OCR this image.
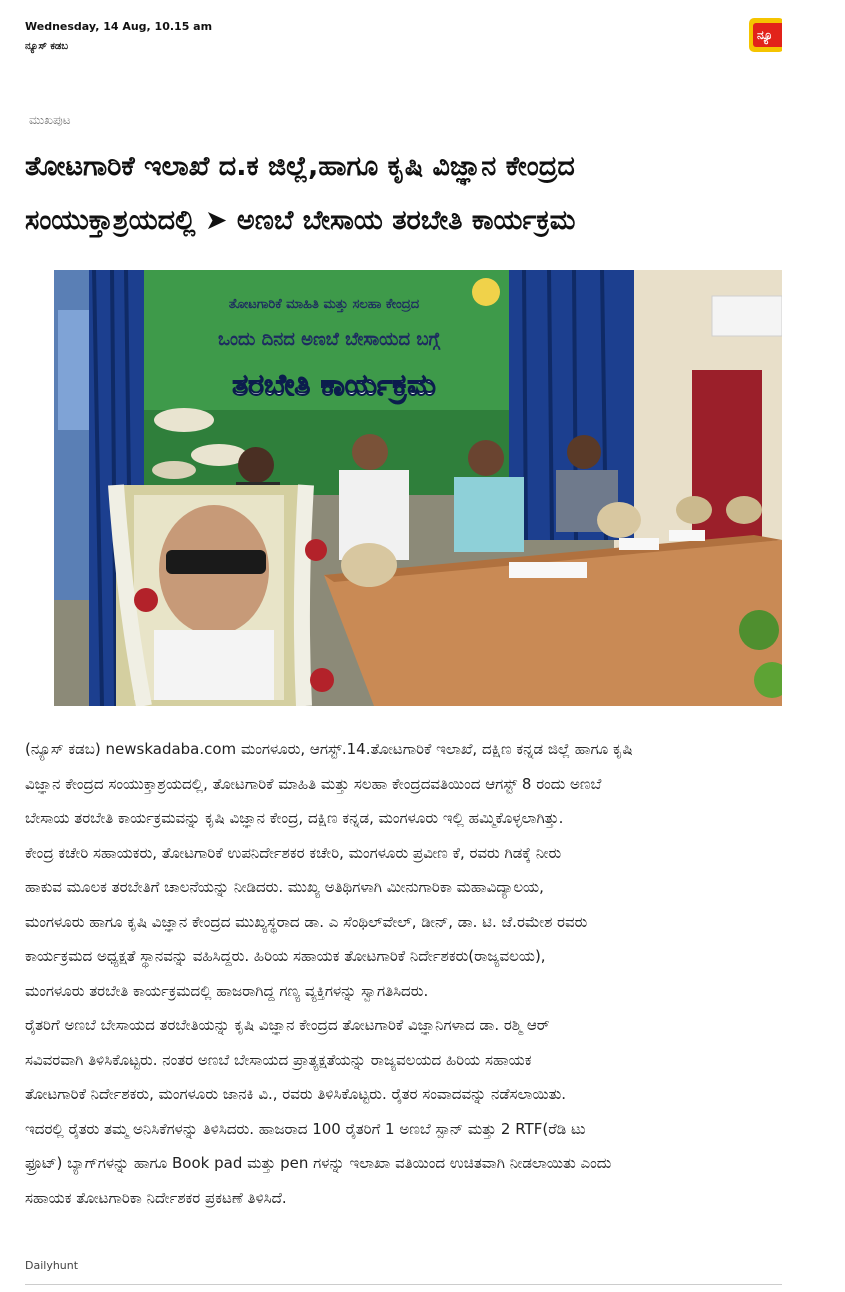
Wednesday, 14 Aug, 10.15 am
ನ್ಯೂಸ್ ಕಡಬ
ನ್ಯೂ
ಮುಖಪುಟ
ತೋಟಗಾರಿಕೆ ಇಲಾಖೆ ದ.ಕ ಜಿಲ್ಲೆ,ಹಾಗೂ ಕೃಷಿ ವಿಜ್ಞಾನ ಕೇಂದ್ರದ
ಸಂಯುಕ್ತಾಶ್ರಯದಲ್ಲಿ ➤ ಅಣಬೆ ಬೇಸಾಯ ತರಬೇತಿ ಕಾರ್ಯಕ್ರಮ
ತೋಟಗಾರಿಕೆ ಮಾಹಿತಿ ಮತ್ತು ಸಲಹಾ ಕೇಂದ್ರದ
ಒಂದು ದಿನದ ಅಣಬೆ ಬೇಸಾಯದ ಬಗ್ಗೆ
ತರಬೇತಿ ಕಾರ್ಯಕ್ರಮ
(ನ್ಯೂಸ್ ಕಡಬ) newskadaba.com ಮಂಗಳೂರು, ಆಗಸ್ಟ್.14.ತೋಟಗಾರಿಕೆ ಇಲಾಖೆ, ದಕ್ಷಿಣ ಕನ್ನಡ ಜಿಲ್ಲೆ ಹಾಗೂ ಕೃಷಿ
ವಿಜ್ಞಾನ ಕೇಂದ್ರದ ಸಂಯುಕ್ತಾಶ್ರಯದಲ್ಲಿ, ತೋಟಗಾರಿಕೆ ಮಾಹಿತಿ ಮತ್ತು ಸಲಹಾ ಕೇಂದ್ರದವತಿಯಿಂದ ಆಗಸ್ಟ್ 8 ರಂದು ಅಣಬೆ
ಬೇಸಾಯ ತರಬೇತಿ ಕಾರ್ಯಕ್ರಮವನ್ನು ಕೃಷಿ ವಿಜ್ಞಾನ ಕೇಂದ್ರ, ದಕ್ಷಿಣ ಕನ್ನಡ, ಮಂಗಳೂರು ಇಲ್ಲಿ ಹಮ್ಮಿಕೊಳ್ಳಲಾಗಿತ್ತು.
ಕೇಂದ್ರ ಕಚೇರಿ ಸಹಾಯಕರು, ತೋಟಗಾರಿಕೆ ಉಪನಿರ್ದೇಶಕರ ಕಚೇರಿ, ಮಂಗಳೂರು ಪ್ರವೀಣ ಕೆ, ರವರು ಗಿಡಕ್ಕೆ ನೀರು
ಹಾಕುವ ಮೂಲಕ ತರಬೇತಿಗೆ ಚಾಲನೆಯನ್ನು ನೀಡಿದರು. ಮುಖ್ಯ ಅತಿಥಿಗಳಾಗಿ ಮೀನುಗಾರಿಕಾ ಮಹಾವಿದ್ಯಾಲಯ,
ಮಂಗಳೂರು ಹಾಗೂ ಕೃಷಿ ವಿಜ್ಞಾನ ಕೇಂದ್ರದ ಮುಖ್ಯಸ್ಥರಾದ ಡಾ. ಎ ಸೆಂಥಿಲ್‌ವೇಲ್, ಡೀನ್, ಡಾ. ಟಿ. ಜೆ.ರಮೇಶ ರವರು
ಕಾರ್ಯಕ್ರಮದ ಅಧ್ಯಕ್ಷತೆ ಸ್ಥಾನವನ್ನು ವಹಿಸಿದ್ದರು. ಹಿರಿಯ ಸಹಾಯಕ ತೋಟಗಾರಿಕೆ ನಿರ್ದೇಶಕರು(ರಾಜ್ಯವಲಯ),
ಮಂಗಳೂರು ತರಬೇತಿ ಕಾರ್ಯಕ್ರಮದಲ್ಲಿ ಹಾಜರಾಗಿದ್ದ ಗಣ್ಯ ವ್ಯಕ್ತಿಗಳನ್ನು ಸ್ವಾಗತಿಸಿದರು.
ರೈತರಿಗೆ ಅಣಬೆ ಬೇಸಾಯದ ತರಬೇತಿಯನ್ನು ಕೃಷಿ ವಿಜ್ಞಾನ ಕೇಂದ್ರದ ತೋಟಗಾರಿಕೆ ವಿಜ್ಞಾನಿಗಳಾದ ಡಾ. ರಶ್ಮಿ ಆರ್
ಸವಿವರವಾಗಿ ತಿಳಿಸಿಕೊಟ್ಟರು. ನಂತರ ಅಣಬೆ ಬೇಸಾಯದ ಪ್ರಾತ್ಯಕ್ಷತೆಯನ್ನು ರಾಜ್ಯವಲಯದ ಹಿರಿಯ ಸಹಾಯಕ
ತೋಟಗಾರಿಕೆ ನಿರ್ದೇಶಕರು, ಮಂಗಳೂರು ಜಾನಕಿ ವಿ., ರವರು ತಿಳಿಸಿಕೊಟ್ಟರು. ರೈತರ ಸಂವಾದವನ್ನು ನಡೆಸಲಾಯಿತು.
ಇದರಲ್ಲಿ ರೈತರು ತಮ್ಮ ಅನಿಸಿಕೆಗಳನ್ನು ತಿಳಿಸಿದರು. ಹಾಜರಾದ 100 ರೈತರಿಗೆ 1 ಅಣಬೆ ಸ್ಪಾನ್ ಮತ್ತು 2 RTF(ರೆಡಿ ಟು
ಫ್ರೂಟ್) ಬ್ಯಾಗ್‌ಗಳನ್ನು ಹಾಗೂ Book pad ಮತ್ತು pen ಗಳನ್ನು ಇಲಾಖಾ ವತಿಯಿಂದ ಉಚಿತವಾಗಿ ನೀಡಲಾಯಿತು ಎಂದು
ಸಹಾಯಕ ತೋಟಗಾರಿಕಾ ನಿರ್ದೇಶಕರ ಪ್ರಕಟಣೆ ತಿಳಿಸಿದೆ.
Dailyhunt
